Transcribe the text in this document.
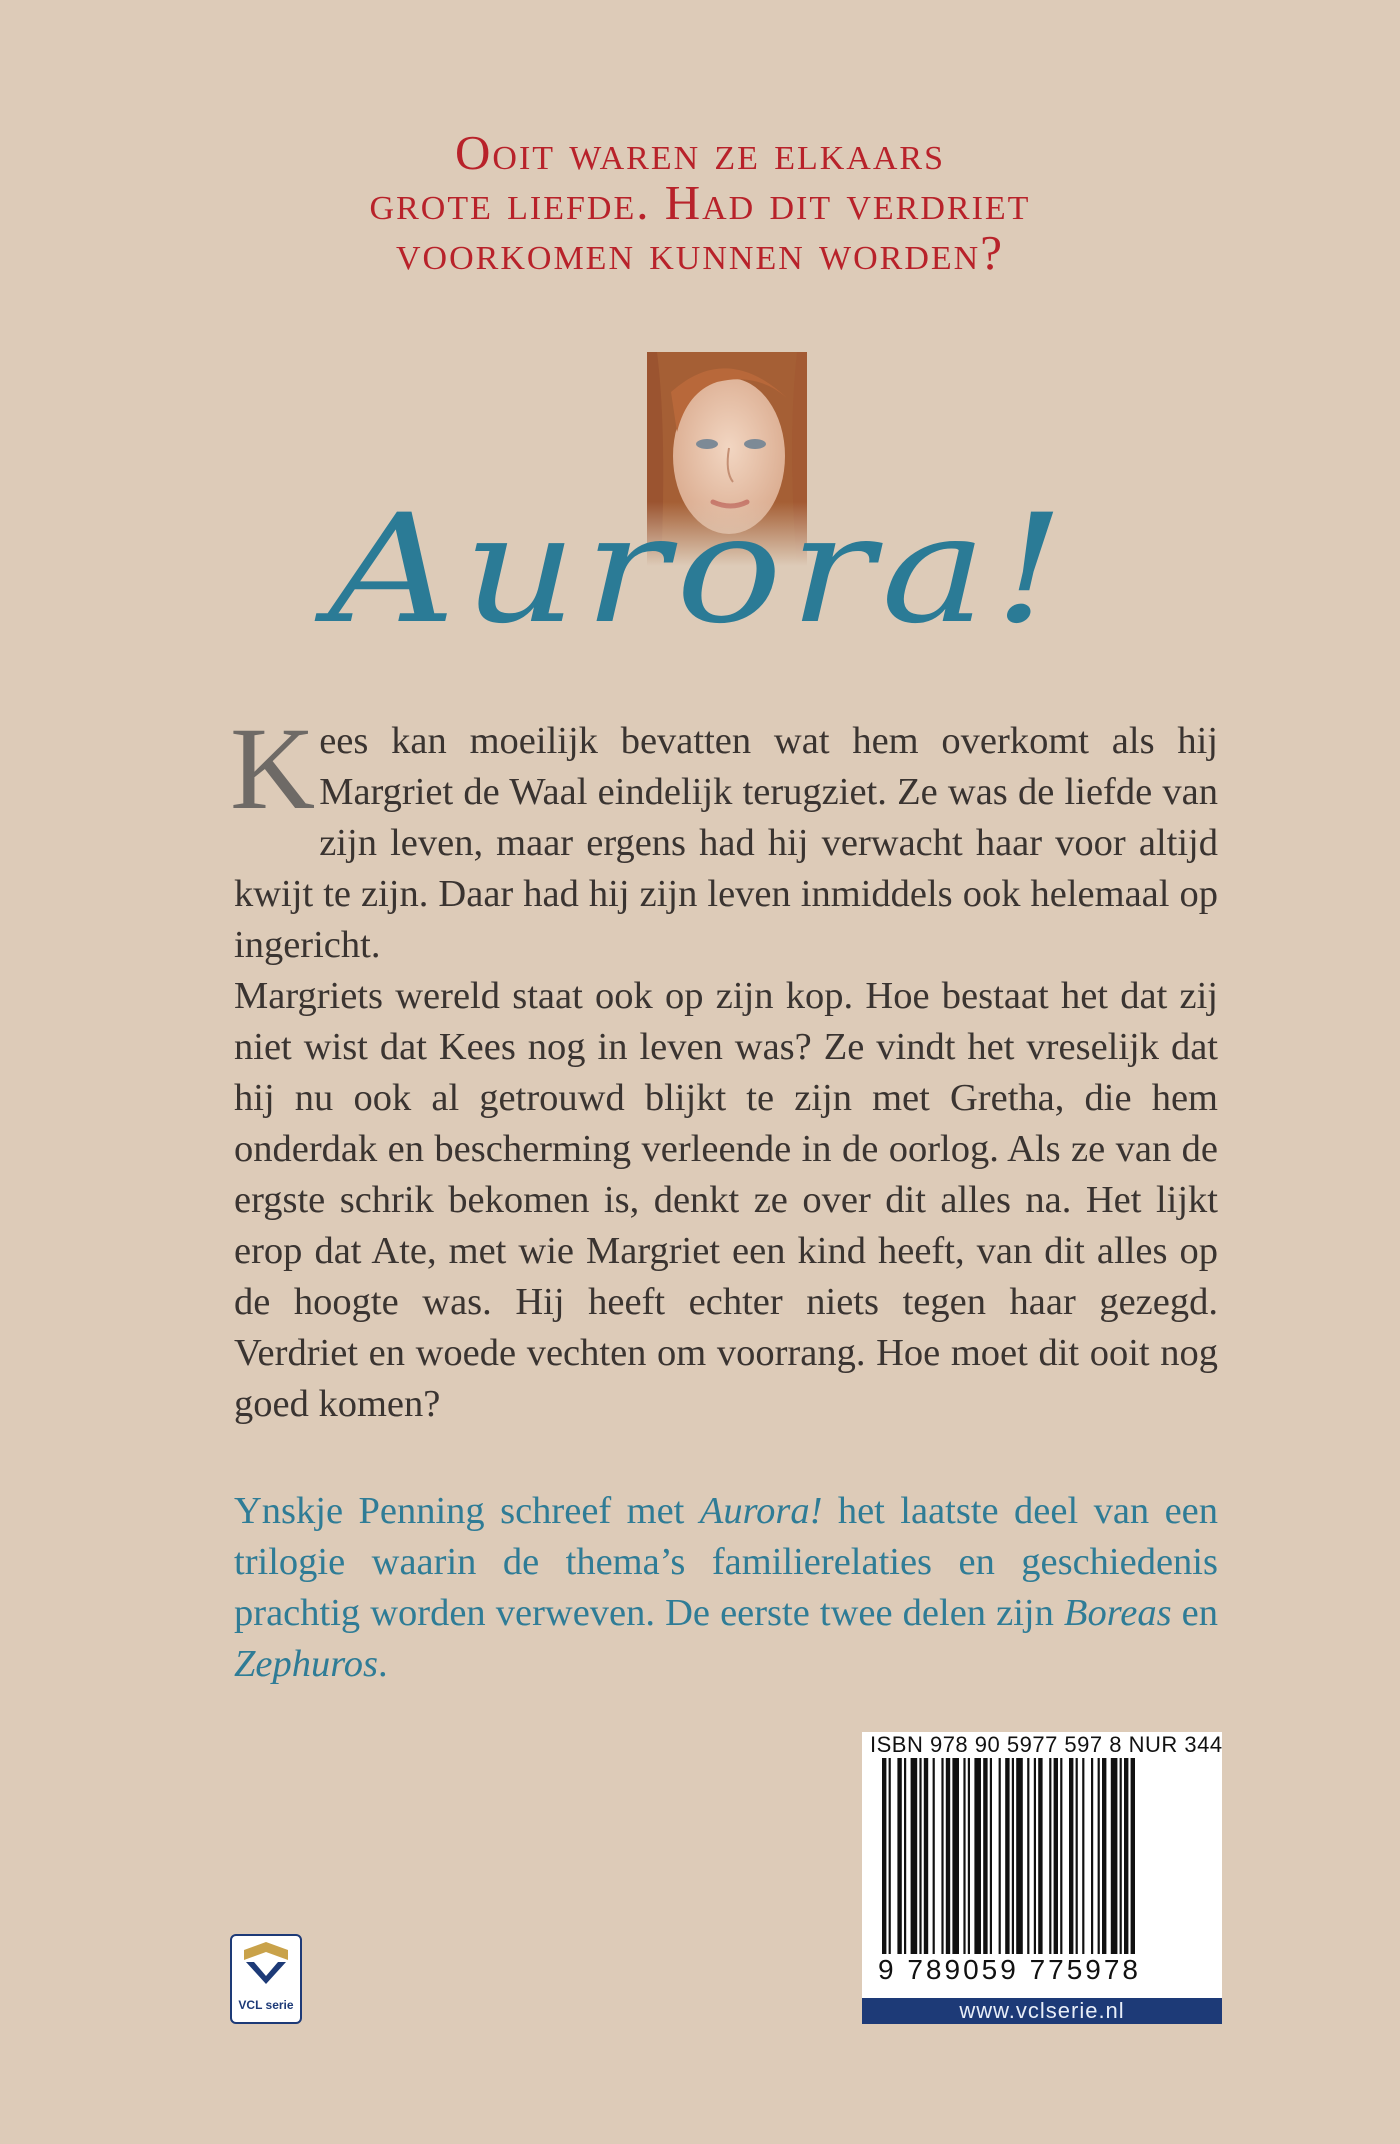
Ooit waren ze elkaars
grote liefde. Had dit verdriet
voorkomen kunnen worden?
Aurora!

Kees kan moeilijk bevatten wat hem overkomt als hij Margriet de Waal eindelijk terugziet. Ze was de liefde van zijn leven, maar ergens had hij verwacht haar voor altijd kwijt te zijn. Daar had hij zijn leven inmiddels ook helemaal op ingericht.

Margriets wereld staat ook op zijn kop. Hoe bestaat het dat zij niet wist dat Kees nog in leven was? Ze vindt het vreselijk dat hij nu ook al getrouwd blijkt te zijn met Gretha, die hem onderdak en bescherming verleende in de oorlog. Als ze van de ergste schrik bekomen is, denkt ze over dit alles na. Het lijkt erop dat Ate, met wie Margriet een kind heeft, van dit alles op de hoogte was. Hij heeft echter niets tegen haar gezegd. Verdriet en woede vechten om voorrang. Hoe moet dit ooit nog goed komen?

Ynskje Penning schreef met Aurora! het laatste deel van een trilogie waarin de thema’s familierelaties en geschiedenis prachtig worden verweven. De eerste twee delen zijn Boreas en Zephuros.

ISBN 978 90 5977 597 8 NUR 344
9 789059 775978
www.vclserie.nl
VCL serie
